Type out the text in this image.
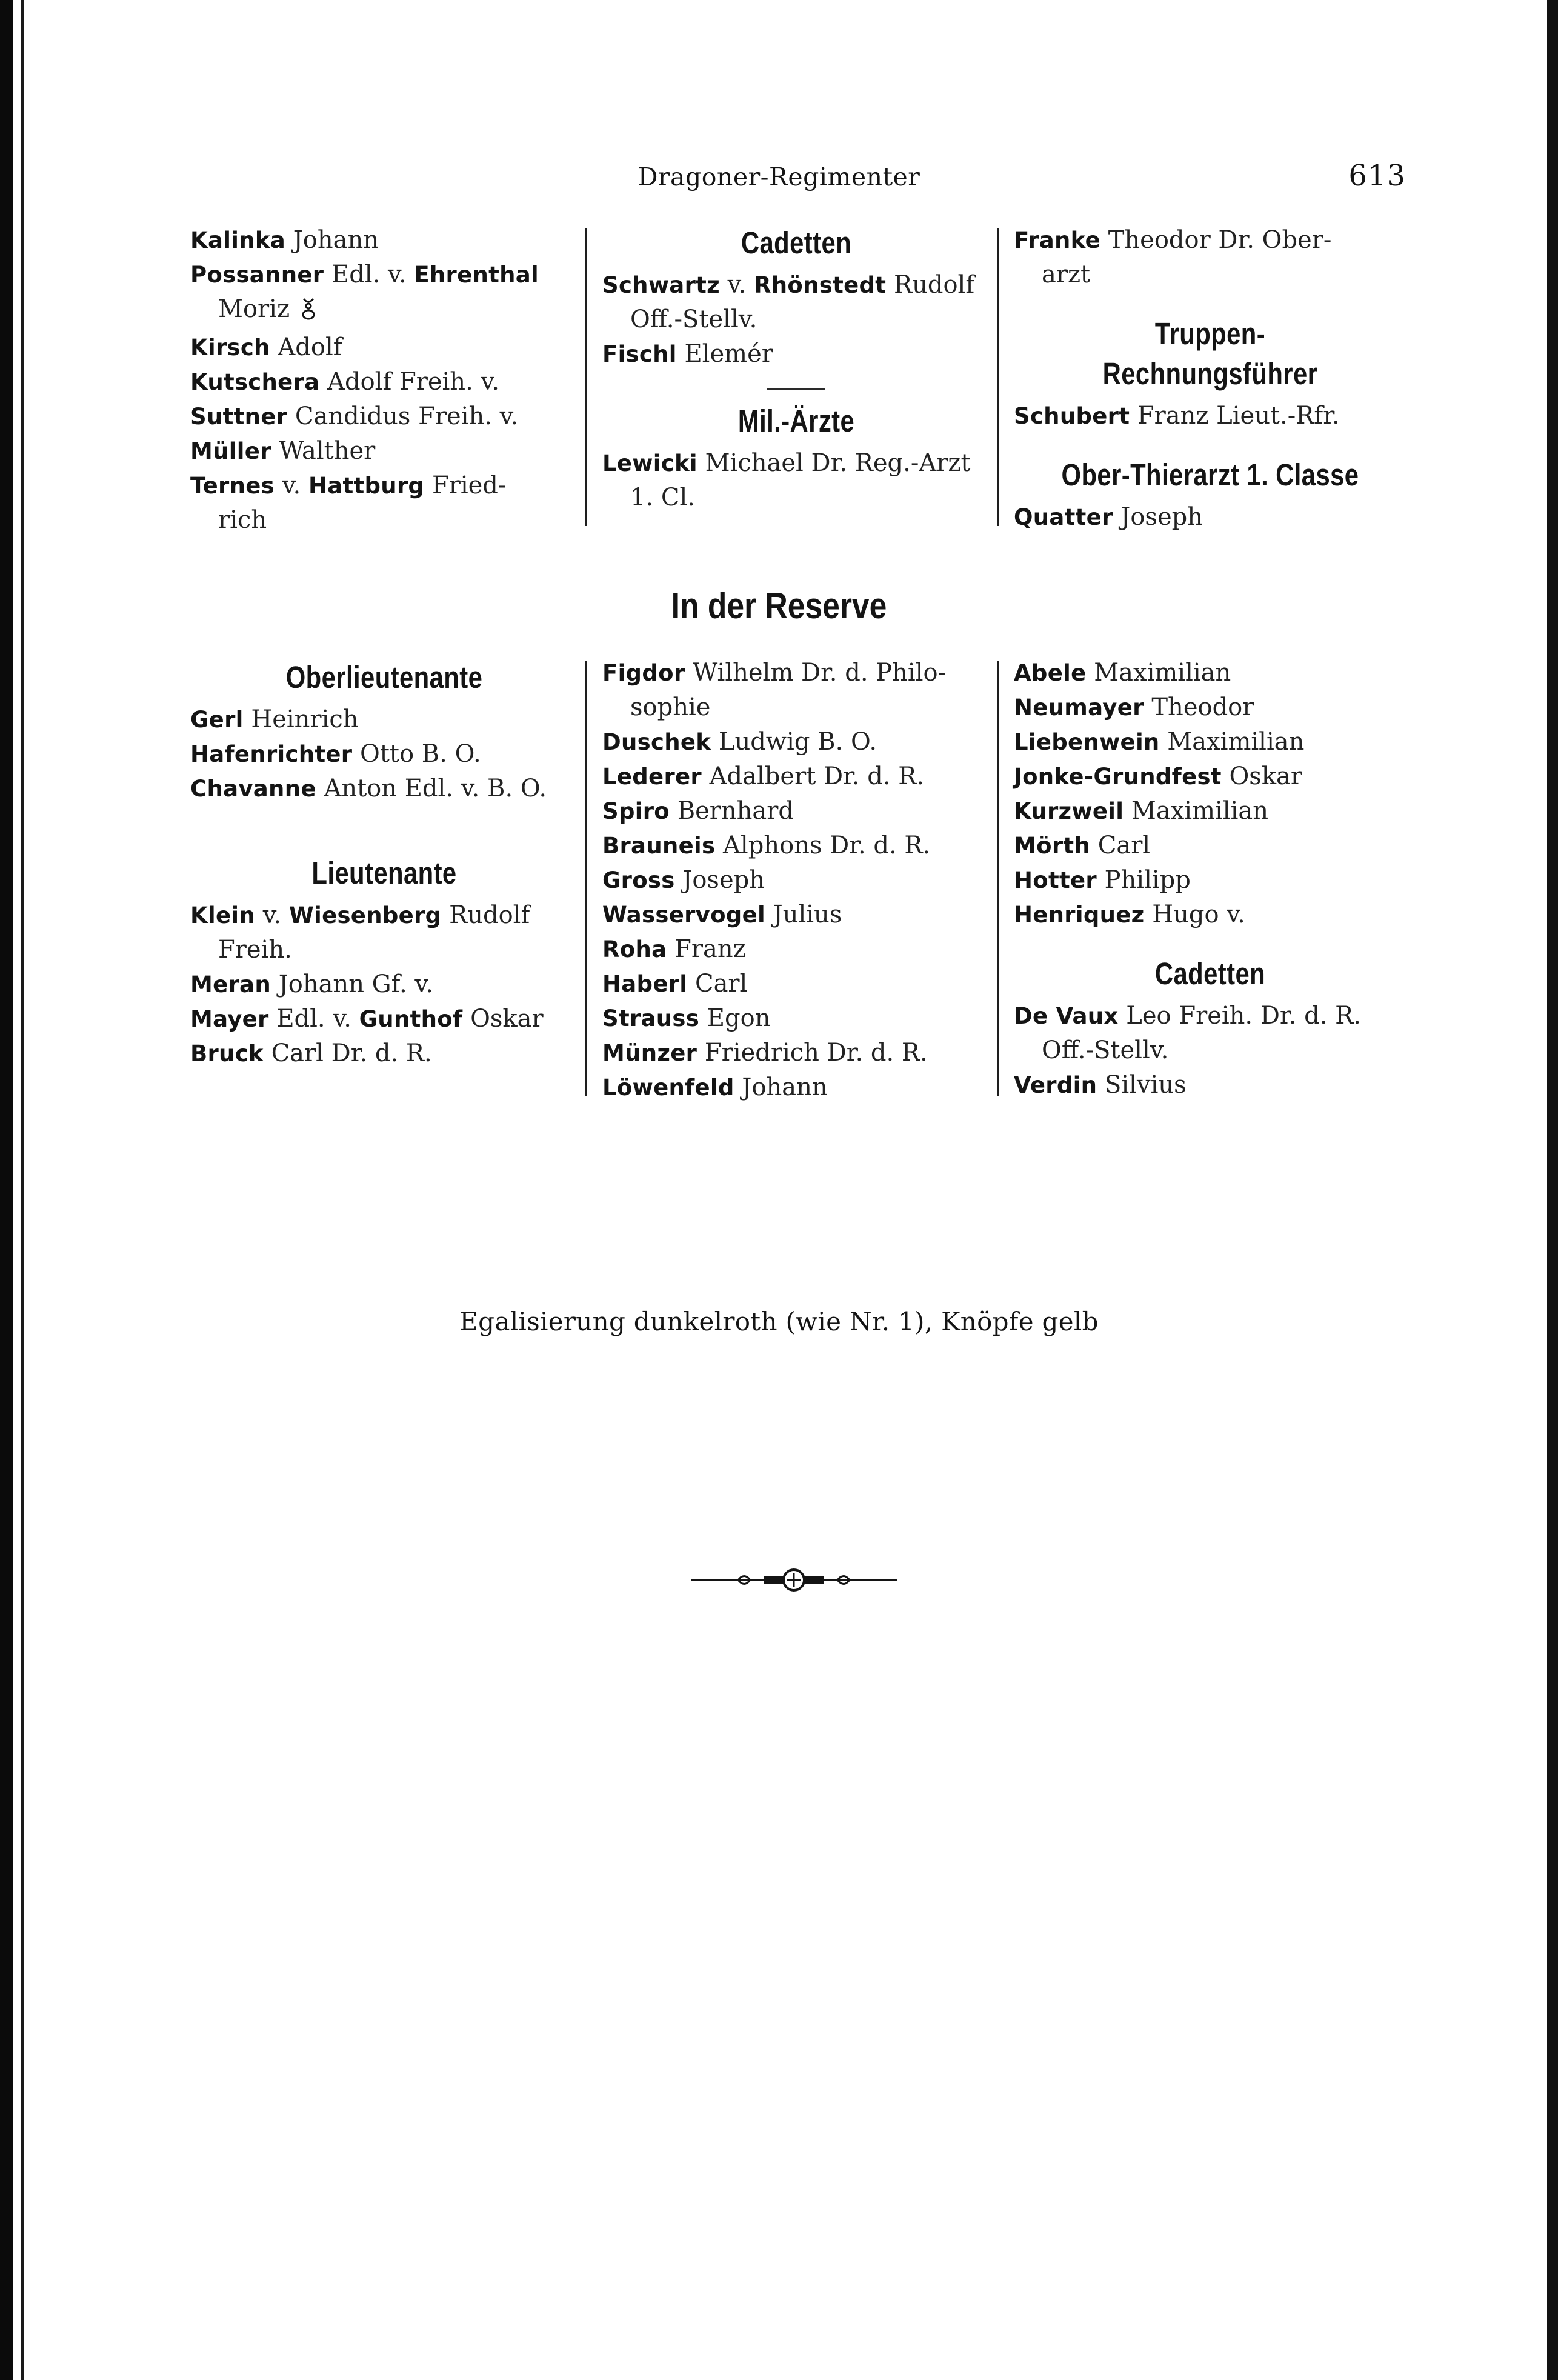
Dragoner-Regimenter	613
Kalinka Johann
Possanner Edl. v. Ehrenthal
Moriz
Kirsch Adolf
Kutschera Adolf Freih. v.
Suttner Candidus Freih. v.
Müller Walther
Ternes v. Hattburg Fried-
rich
Cadetten
Schwartz v. Rhönstedt Rudolf
Off.-Stellv.
Fischl Elemér
Mil.-Ärzte
Lewicki Michael Dr. Reg.-Arzt
1. Cl.
Franke Theodor Dr. Ober-
arzt
Truppen-Rechnungsführer
Schubert Franz Lieut.-Rfr.
Ober-Thierarzt 1. Classe
Quatter Joseph
In der Reserve
Oberlieutenante
Gerl Heinrich
Hafenrichter Otto B. O.
Chavanne Anton Edl. v. B. O.
Lieutenante
Klein v. Wiesenberg Rudolf
Freih.
Meran Johann Gf. v.
Mayer Edl. v. Gunthof Oskar
Bruck Carl Dr. d. R.
Figdor Wilhelm Dr. d. Philo-
sophie
Duschek Ludwig B. O.
Lederer Adalbert Dr. d. R.
Spiro Bernhard
Brauneis Alphons Dr. d. R.
Gross Joseph
Wasservogel Julius
Roha Franz
Haberl Carl
Strauss Egon
Münzer Friedrich Dr. d. R.
Löwenfeld Johann
Abele Maximilian
Neumayer Theodor
Liebenwein Maximilian
Jonke-Grundfest Oskar
Kurzweil Maximilian
Mörth Carl
Hotter Philipp
Henriquez Hugo v.
Cadetten
De Vaux Leo Freih. Dr. d. R.
Off.-Stellv.
Verdin Silvius
Egalisierung dunkelroth (wie Nr. 1), Knöpfe gelb
